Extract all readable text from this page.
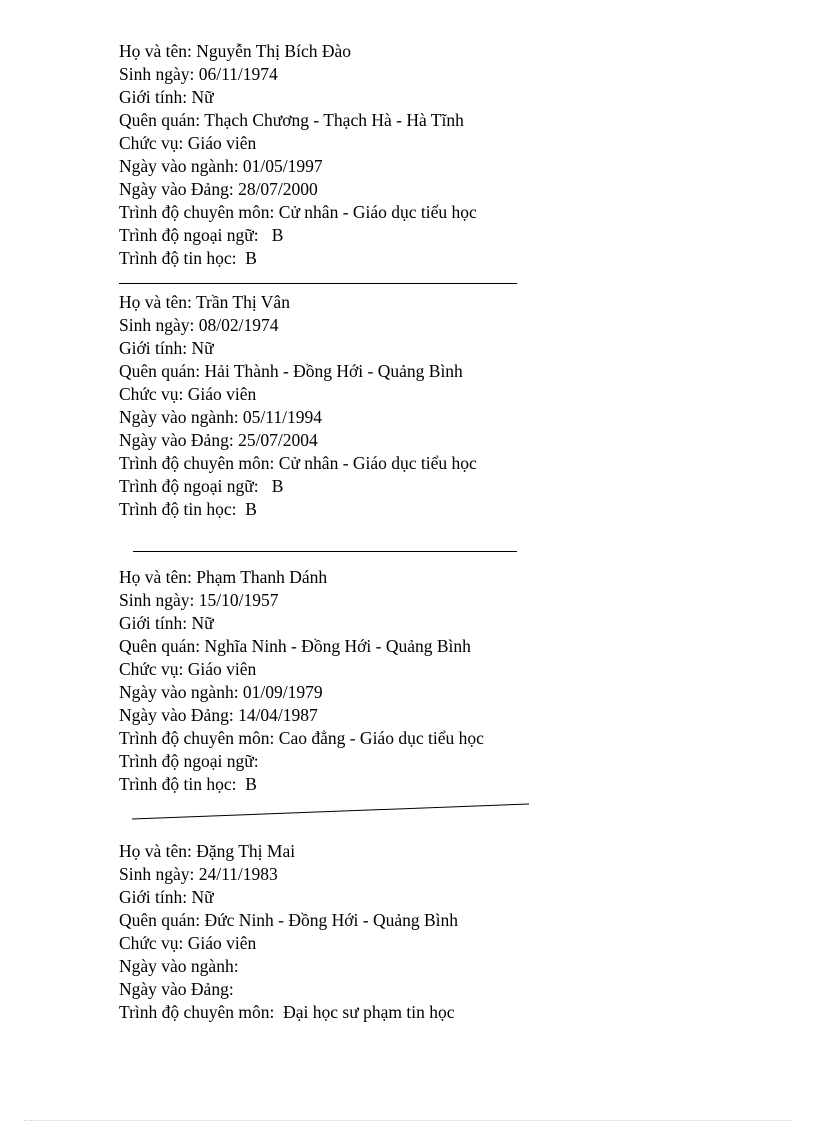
Họ và tên: Nguyễn Thị Bích Đào
Sinh ngày: 06/11/1974
Giới tính: Nữ
Quên quán: Thạch Chương - Thạch Hà - Hà Tĩnh
Chức vụ: Giáo viên
Ngày vào ngành: 01/05/1997
Ngày vào Đảng: 28/07/2000
Trình độ chuyên môn: Cử nhân - Giáo dục tiểu học
Trình độ ngoại ngữ:   B
Trình độ tin học:  B
Họ và tên: Trần Thị Vân
Sinh ngày: 08/02/1974
Giới tính: Nữ
Quên quán: Hải Thành - Đồng Hới - Quảng Bình
Chức vụ: Giáo viên
Ngày vào ngành: 05/11/1994
Ngày vào Đảng: 25/07/2004
Trình độ chuyên môn: Cử nhân - Giáo dục tiểu học
Trình độ ngoại ngữ:   B
Trình độ tin học:  B
Họ và tên: Phạm Thanh Dánh
Sinh ngày: 15/10/1957
Giới tính: Nữ
Quên quán: Nghĩa Ninh - Đồng Hới - Quảng Bình
Chức vụ: Giáo viên
Ngày vào ngành: 01/09/1979
Ngày vào Đảng: 14/04/1987
Trình độ chuyên môn: Cao đẳng - Giáo dục tiểu học
Trình độ ngoại ngữ:
Trình độ tin học:  B
Họ và tên: Đặng Thị Mai
Sinh ngày: 24/11/1983
Giới tính: Nữ
Quên quán: Đức Ninh - Đồng Hới - Quảng Bình
Chức vụ: Giáo viên
Ngày vào ngành:
Ngày vào Đảng:
Trình độ chuyên môn:  Đại học sư phạm tin học
